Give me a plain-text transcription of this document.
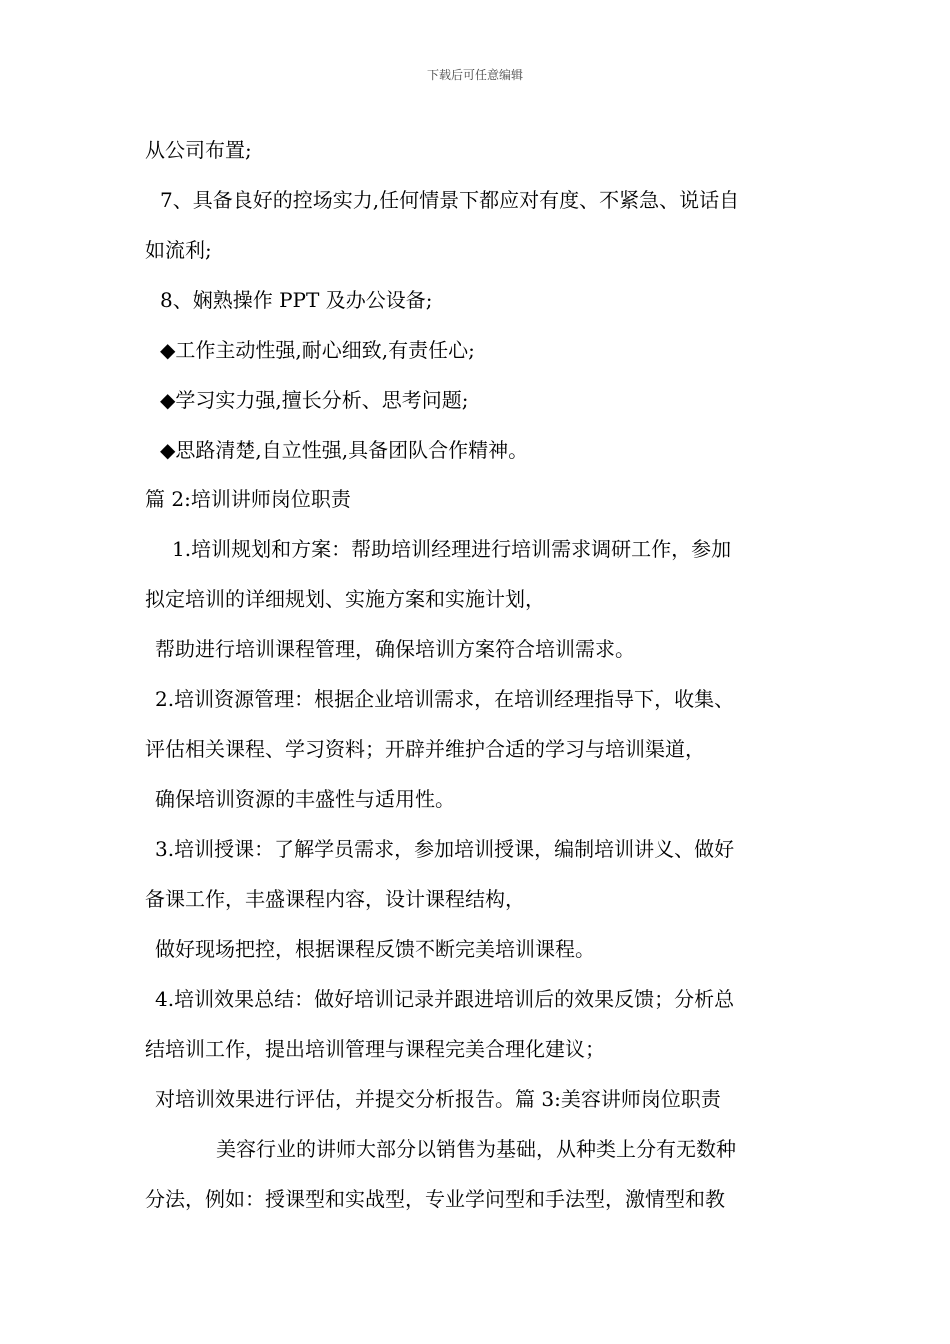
下载后可任意编辑
从公司布置;
7、具备良好的控场实力,任何情景下都应对有度、不紧急、说话自
如流利;
8、娴熟操作 PPT 及办公设备;
◆工作主动性强,耐心细致,有责任心;
◆学习实力强,擅长分析、思考问题;
◆思路清楚,自立性强,具备团队合作精神。
篇 2:培训讲师岗位职责
1.培训规划和方案：帮助培训经理进行培训需求调研工作，参加
拟定培训的详细规划、实施方案和实施计划，
帮助进行培训课程管理，确保培训方案符合培训需求。
2.培训资源管理：根据企业培训需求，在培训经理指导下，收集、
评估相关课程、学习资料；开辟并维护合适的学习与培训渠道，
确保培训资源的丰盛性与适用性。
3.培训授课：了解学员需求，参加培训授课，编制培训讲义、做好
备课工作，丰盛课程内容，设计课程结构，
做好现场把控，根据课程反馈不断完美培训课程。
4.培训效果总结：做好培训记录并跟进培训后的效果反馈；分析总
结培训工作，提出培训管理与课程完美合理化建议；
对培训效果进行评估，并提交分析报告。篇 3:美容讲师岗位职责
美容行业的讲师大部分以销售为基础，从种类上分有无数种
分法，例如：授课型和实战型，专业学问型和手法型，激情型和教
